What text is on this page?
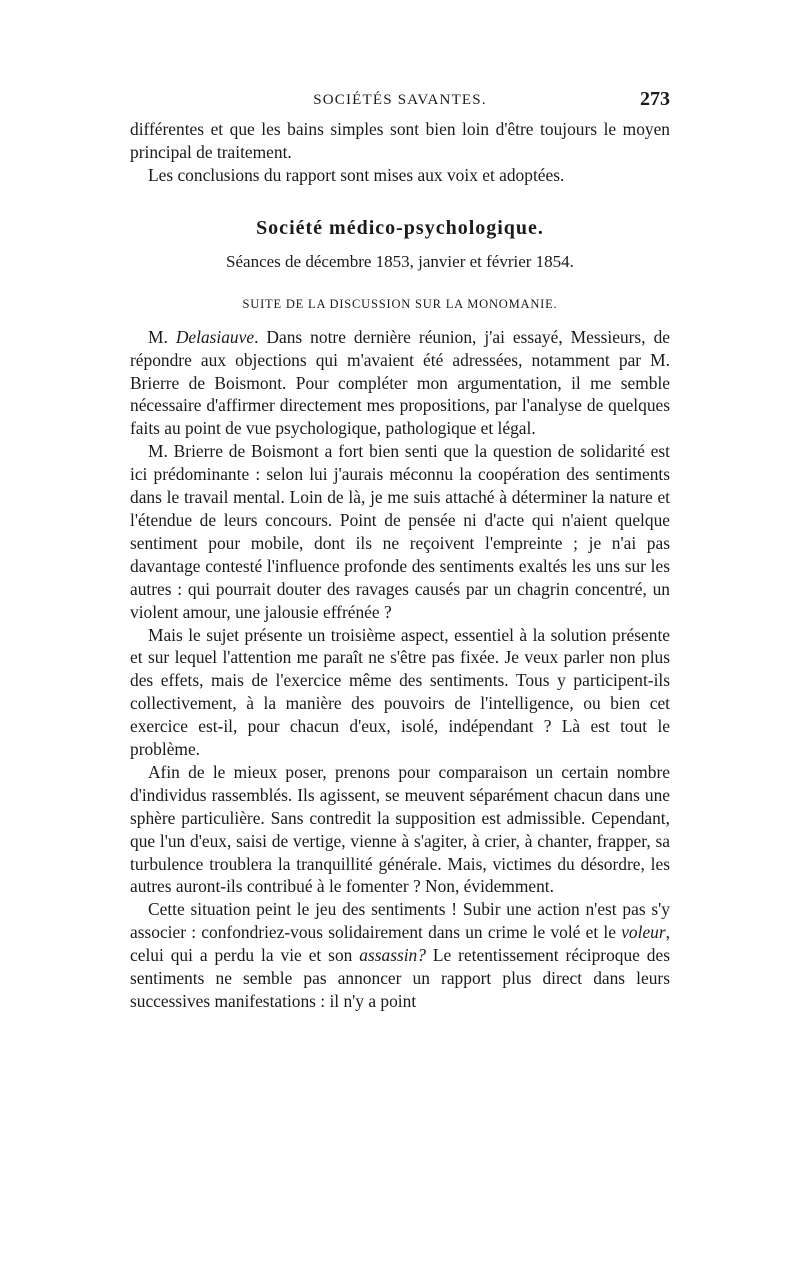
SOCIÉTÉS SAVANTES.	273

différentes et que les bains simples sont bien loin d'être toujours le moyen principal de traitement.

Les conclusions du rapport sont mises aux voix et adoptées.

Société médico-psychologique.
Séances de décembre 1853, janvier et février 1854.
SUITE DE LA DISCUSSION SUR LA MONOMANIE.

M. Delasiauve. Dans notre dernière réunion, j'ai essayé, Messieurs, de répondre aux objections qui m'avaient été adressées, notamment par M. Brierre de Boismont. Pour compléter mon argumentation, il me semble nécessaire d'affirmer directement mes propositions, par l'analyse de quelques faits au point de vue psychologique, pathologique et légal.

M. Brierre de Boismont a fort bien senti que la question de solidarité est ici prédominante : selon lui j'aurais méconnu la coopération des sentiments dans le travail mental. Loin de là, je me suis attaché à déterminer la nature et l'étendue de leurs concours. Point de pensée ni d'acte qui n'aient quelque sentiment pour mobile, dont ils ne reçoivent l'empreinte ; je n'ai pas davantage contesté l'influence profonde des sentiments exaltés les uns sur les autres : qui pourrait douter des ravages causés par un chagrin concentré, un violent amour, une jalousie effrénée ?

Mais le sujet présente un troisième aspect, essentiel à la solution présente et sur lequel l'attention me paraît ne s'être pas fixée. Je veux parler non plus des effets, mais de l'exercice même des sentiments. Tous y participent-ils collectivement, à la manière des pouvoirs de l'intelligence, ou bien cet exercice est-il, pour chacun d'eux, isolé, indépendant ? Là est tout le problème.

Afin de le mieux poser, prenons pour comparaison un certain nombre d'individus rassemblés. Ils agissent, se meuvent séparément chacun dans une sphère particulière. Sans contredit la supposition est admissible. Cependant, que l'un d'eux, saisi de vertige, vienne à s'agiter, à crier, à chanter, frapper, sa turbulence troublera la tranquillité générale. Mais, victimes du désordre, les autres auront-ils contribué à le fomenter ? Non, évidemment.

Cette situation peint le jeu des sentiments ! Subir une action n'est pas s'y associer : confondriez-vous solidairement dans un crime le volé et le voleur, celui qui a perdu la vie et son assassin? Le retentissement réciproque des sentiments ne semble pas annoncer un rapport plus direct dans leurs successives manifestations : il n'y a point
